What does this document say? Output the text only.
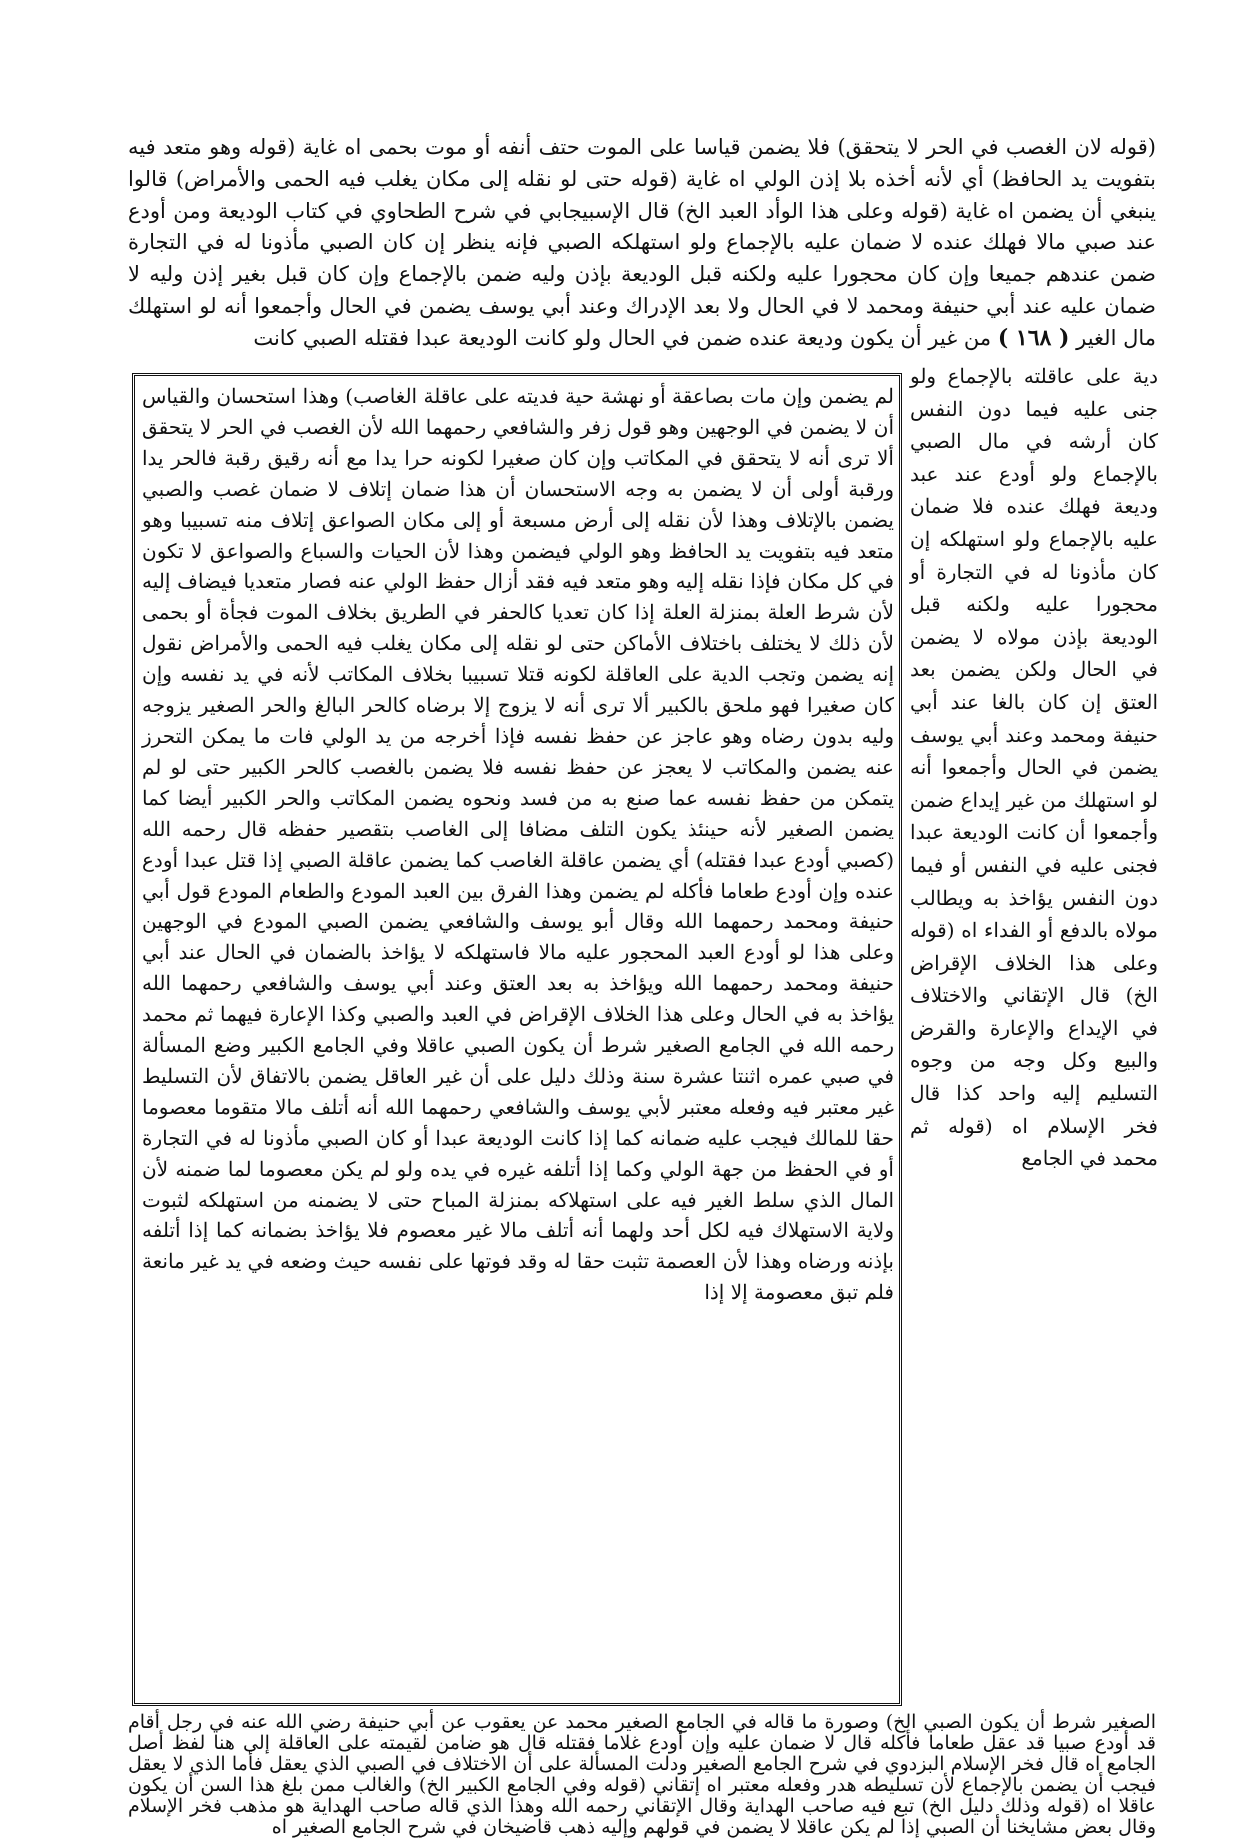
(قوله لان الغصب في الحر لا يتحقق) فلا يضمن قياسا على الموت حتف أنفه أو موت بحمى اه غاية (قوله وهو متعد فيه بتفويت يد الحافظ) أي لأنه أخذه بلا إذن الولي اه غاية (قوله حتى لو نقله إلى مكان يغلب فيه الحمى والأمراض) قالوا ينبغي أن يضمن اه غاية (قوله وعلى هذا الوأد العبد الخ) قال الإسبيجابي في شرح الطحاوي في كتاب الوديعة ومن أودع عند صبي مالا فهلك عنده لا ضمان عليه بالإجماع ولو استهلكه الصبي فإنه ينظر إن كان الصبي مأذونا له في التجارة ضمن عندهم جميعا وإن كان محجورا عليه ولكنه قبل الوديعة بإذن وليه ضمن بالإجماع وإن كان قبل بغير إذن وليه لا ضمان عليه عند أبي حنيفة ومحمد لا في الحال ولا بعد الإدراك وعند أبي يوسف يضمن في الحال وأجمعوا أنه لو استهلك مال الغير ( ١٦٨ ) من غير أن يكون وديعة عنده ضمن في الحال ولو كانت الوديعة عبدا فقتله الصبي كانت

لم يضمن وإن مات بصاعقة أو نهشة حية فديته على عاقلة الغاصب) وهذا استحسان والقياس أن لا يضمن في الوجهين وهو قول زفر والشافعي رحمهما الله لأن الغصب في الحر لا يتحقق ألا ترى أنه لا يتحقق في المكاتب وإن كان صغيرا لكونه حرا يدا مع أنه رقيق رقبة فالحر يدا ورقبة أولى أن لا يضمن به وجه الاستحسان أن هذا ضمان إتلاف لا ضمان غصب والصبي يضمن بالإتلاف وهذا لأن نقله إلى أرض مسبعة أو إلى مكان الصواعق إتلاف منه تسبيبا وهو متعد فيه بتفويت يد الحافظ وهو الولي فيضمن وهذا لأن الحيات والسباع والصواعق لا تكون في كل مكان فإذا نقله إليه وهو متعد فيه فقد أزال حفظ الولي عنه فصار متعديا فيضاف إليه لأن شرط العلة بمنزلة العلة إذا كان تعديا كالحفر في الطريق بخلاف الموت فجأة أو بحمى لأن ذلك لا يختلف باختلاف الأماكن حتى لو نقله إلى مكان يغلب فيه الحمى والأمراض نقول إنه يضمن وتجب الدية على العاقلة لكونه قتلا تسبيبا بخلاف المكاتب لأنه في يد نفسه وإن كان صغيرا فهو ملحق بالكبير ألا ترى أنه لا يزوج إلا برضاه كالحر البالغ والحر الصغير يزوجه وليه بدون رضاه وهو عاجز عن حفظ نفسه فإذا أخرجه من يد الولي فات ما يمكن التحرز عنه يضمن والمكاتب لا يعجز عن حفظ نفسه فلا يضمن بالغصب كالحر الكبير حتى لو لم يتمكن من حفظ نفسه عما صنع به من فسد ونحوه يضمن المكاتب والحر الكبير أيضا كما يضمن الصغير لأنه حينئذ يكون التلف مضافا إلى الغاصب بتقصير حفظه قال رحمه الله (كصبي أودع عبدا فقتله) أي يضمن عاقلة الغاصب كما يضمن عاقلة الصبي إذا قتل عبدا أودع عنده وإن أودع طعاما فأكله لم يضمن وهذا الفرق بين العبد المودع والطعام المودع قول أبي حنيفة ومحمد رحمهما الله وقال أبو يوسف والشافعي يضمن الصبي المودع في الوجهين وعلى هذا لو أودع العبد المحجور عليه مالا فاستهلكه لا يؤاخذ بالضمان في الحال عند أبي حنيفة ومحمد رحمهما الله ويؤاخذ به بعد العتق وعند أبي يوسف والشافعي رحمهما الله يؤاخذ به في الحال وعلى هذا الخلاف الإقراض في العبد والصبي وكذا الإعارة فيهما ثم محمد رحمه الله في الجامع الصغير شرط أن يكون الصبي عاقلا وفي الجامع الكبير وضع المسألة في صبي عمره اثنتا عشرة سنة وذلك دليل على أن غير العاقل يضمن بالاتفاق لأن التسليط غير معتبر فيه وفعله معتبر لأبي يوسف والشافعي رحمهما الله أنه أتلف مالا متقوما معصوما حقا للمالك فيجب عليه ضمانه كما إذا كانت الوديعة عبدا أو كان الصبي مأذونا له في التجارة أو في الحفظ من جهة الولي وكما إذا أتلفه غيره في يده ولو لم يكن معصوما لما ضمنه لأن المال الذي سلط الغير فيه على استهلاكه بمنزلة المباح حتى لا يضمنه من استهلكه لثبوت ولاية الاستهلاك فيه لكل أحد ولهما أنه أتلف مالا غير معصوم فلا يؤاخذ بضمانه كما إذا أتلفه بإذنه ورضاه وهذا لأن العصمة تثبت حقا له وقد فوتها على نفسه حيث وضعه في يد غير مانعة فلم تبق معصومة إلا إذا

دية على عاقلته بالإجماع ولو جنى عليه فيما دون النفس كان أرشه في مال الصبي بالإجماع ولو أودع عند عبد وديعة فهلك عنده فلا ضمان عليه بالإجماع ولو استهلكه إن كان مأذونا له في التجارة أو محجورا عليه ولكنه قبل الوديعة بإذن مولاه لا يضمن في الحال ولكن يضمن بعد العتق إن كان بالغا عند أبي حنيفة ومحمد وعند أبي يوسف يضمن في الحال وأجمعوا أنه لو استهلك من غير إيداع ضمن وأجمعوا أن كانت الوديعة عبدا فجنى عليه في النفس أو فيما دون النفس يؤاخذ به ويطالب مولاه بالدفع أو الفداء اه (قوله وعلى هذا الخلاف الإقراض الخ) قال الإتقاني والاختلاف في الإيداع والإعارة والقرض والبيع وكل وجه من وجوه التسليم إليه واحد كذا قال فخر الإسلام اه (قوله ثم محمد في الجامع

الصغير شرط أن يكون الصبي الخ) وصورة ما قاله في الجامع الصغير محمد عن يعقوب عن أبي حنيفة رضي الله عنه في رجل أقام قد أودع صبيا قد عقل طعاما فأكله قال لا ضمان عليه وإن أودع غلاما فقتله قال هو ضامن لقيمته على العاقلة إلى هنا لفظ أصل الجامع اه قال فخر الإسلام البزدوي في شرح الجامع الصغير ودلت المسألة على أن الاختلاف في الصبي الذي يعقل فأما الذي لا يعقل فيجب أن يضمن بالإجماع لأن تسليطه هدر وفعله معتبر اه إتقاني (قوله وفي الجامع الكبير الخ) والغالب ممن بلغ هذا السن أن يكون عاقلا اه (قوله وذلك دليل الخ) تبع فيه صاحب الهداية وقال الإتقاني رحمه الله وهذا الذي قاله صاحب الهداية هو مذهب فخر الإسلام وقال بعض مشايخنا أن الصبي إذا لم يكن عاقلا لا يضمن في قولهم وإليه ذهب قاضيخان في شرح الجامع الصغير اه
